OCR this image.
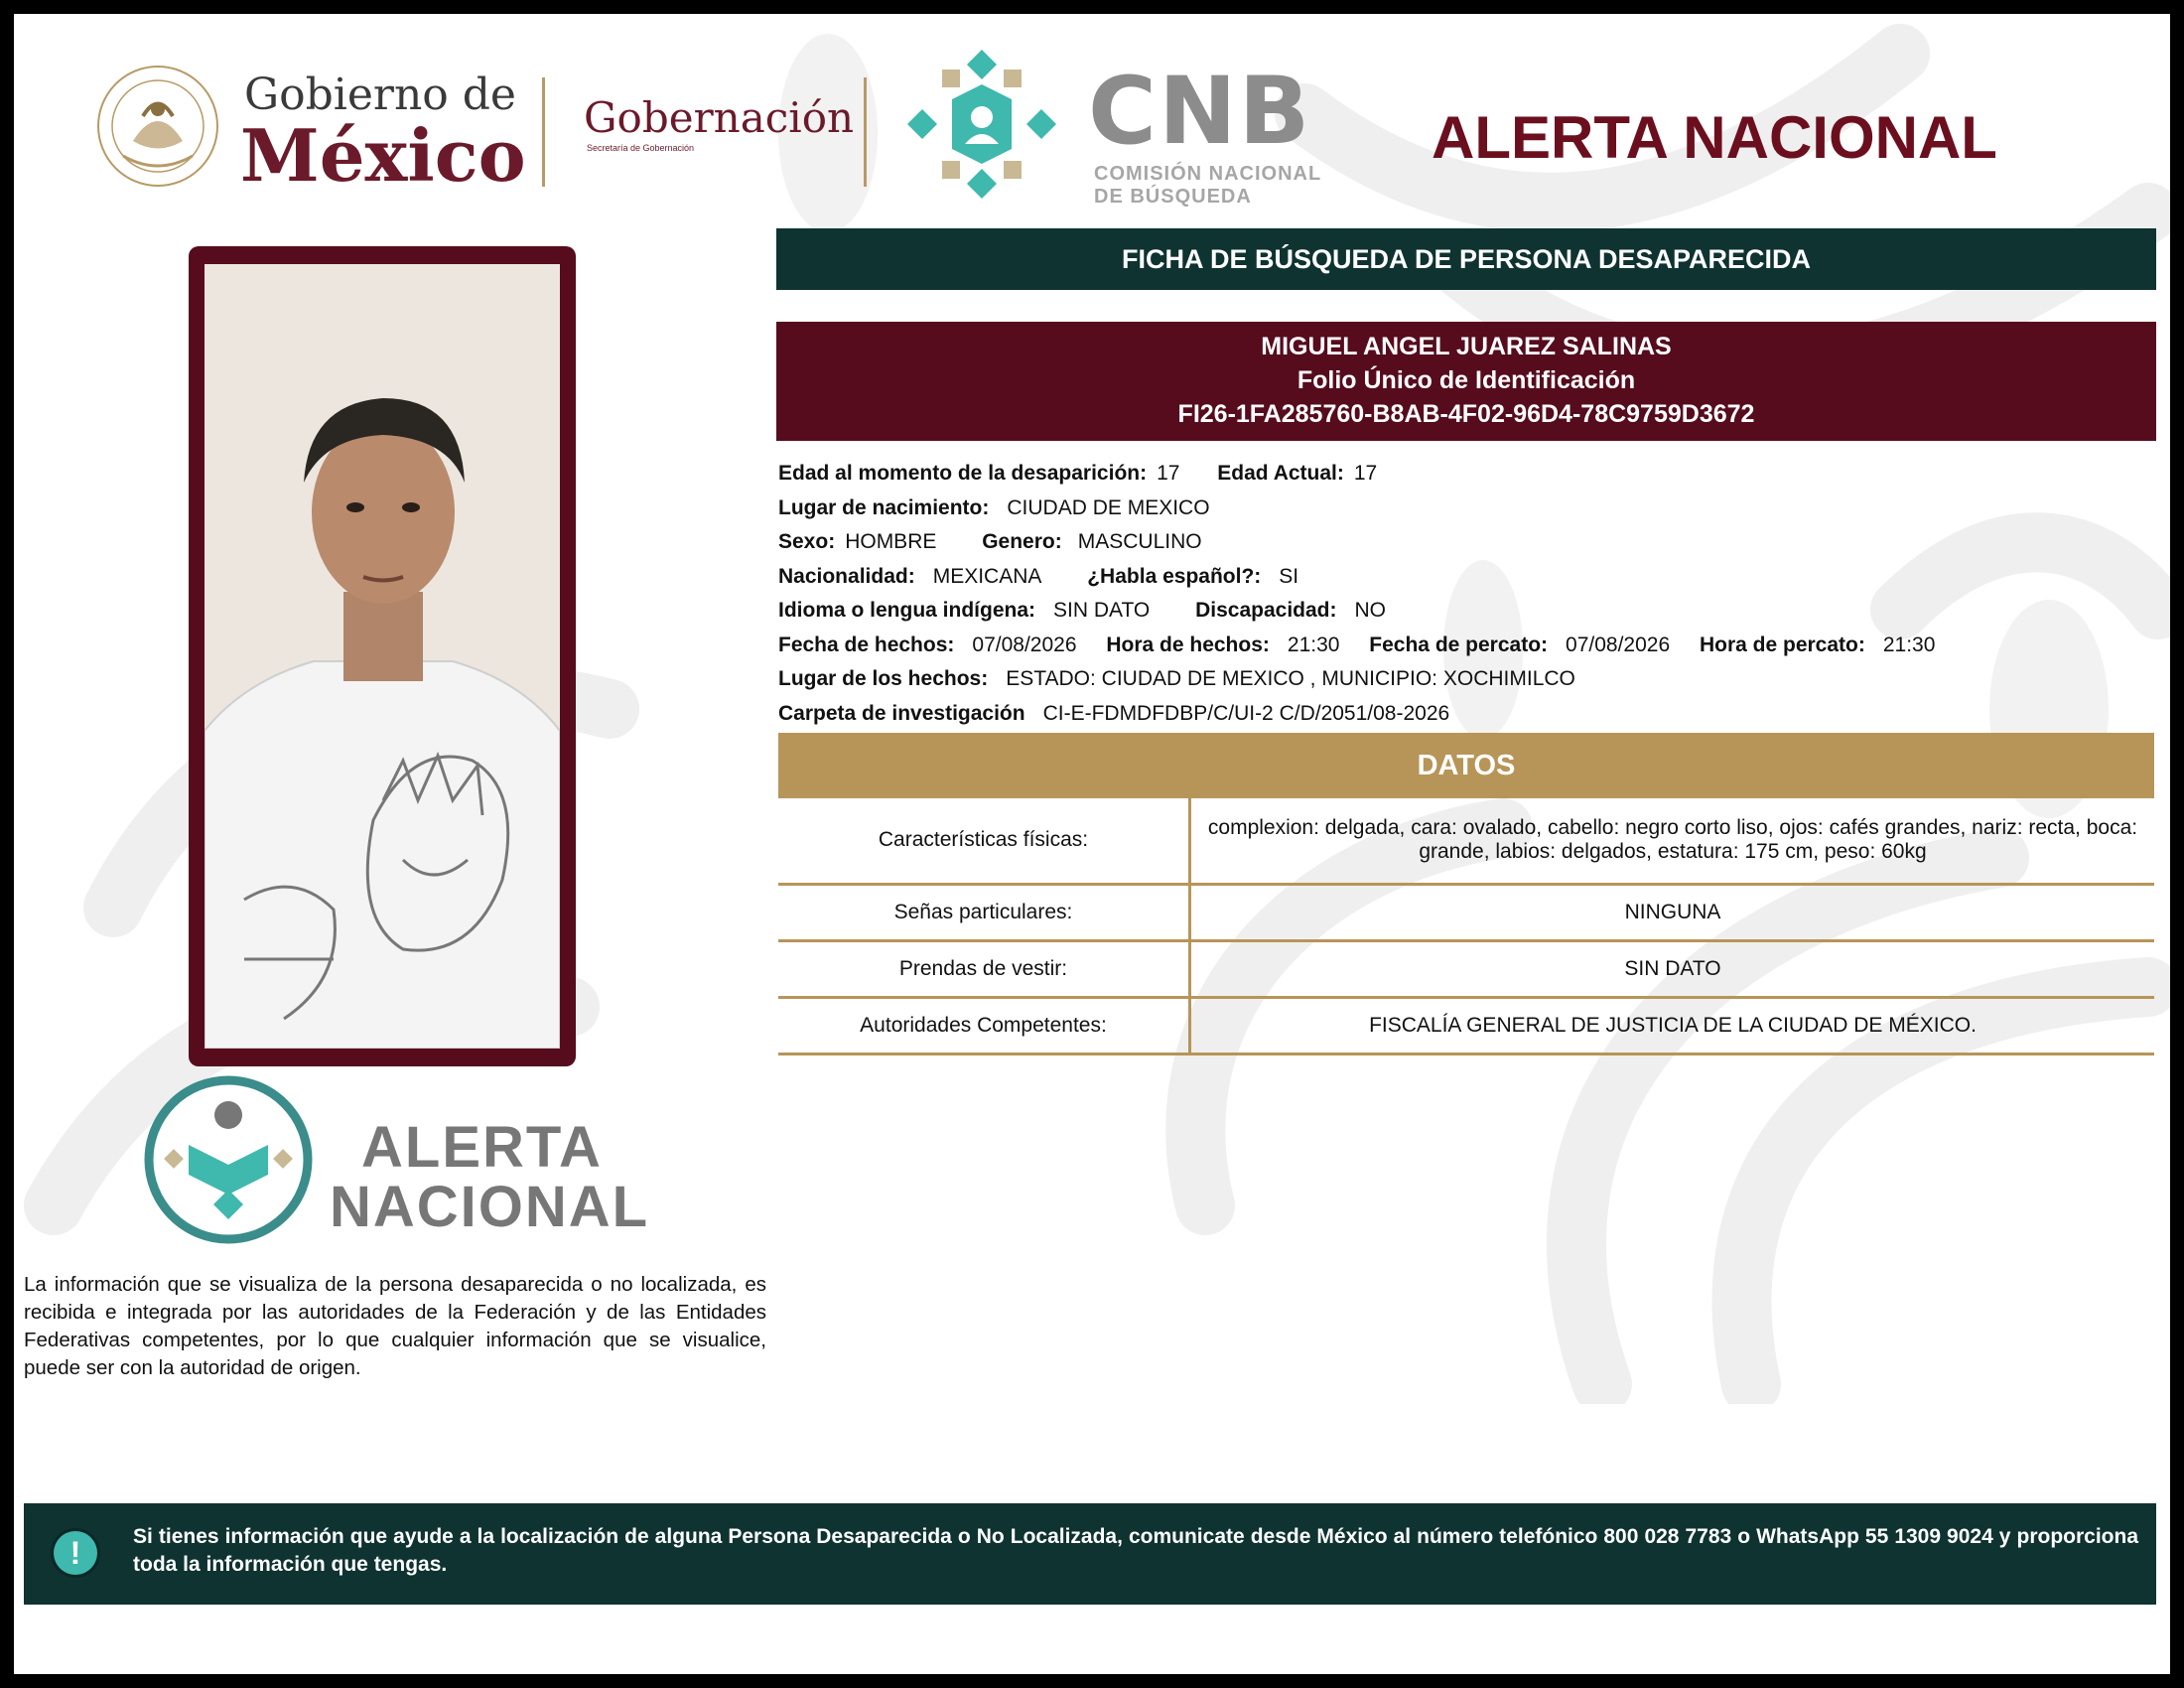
Gobierno de
México Gobernación
Secretaría de Gobernación	CNB
COMISIÓN NACIONAL
DE BÚSQUEDA
ALERTA NACIONAL
FICHA DE BÚSQUEDA DE PERSONA DESAPARECIDA
MIGUEL ANGEL JUAREZ SALINAS
Folio Único de Identificación
FI26-1FA285760-B8AB-4F02-96D4-78C9759D3672
Edad al momento de la desaparición: 17 Edad Actual: 17
Lugar de nacimiento: CIUDAD DE MEXICO
Sexo: HOMBRE Genero: MASCULINO
Nacionalidad: MEXICANA ¿Habla español?: SI
Idioma o lengua indígena: SIN DATO Discapacidad: NO
Fecha de hechos: 07/08/2026 Hora de hechos: 21:30 Fecha de percato: 07/08/2026 Hora de percato: 21:30
Lugar de los hechos: ESTADO: CIUDAD DE MEXICO , MUNICIPIO: XOCHIMILCO
Carpeta de investigación CI-E-FDMDFDBP/C/UI-2 C/D/2051/08-2026
DATOS
Características físicas:	complexion: delgada, cara: ovalado, cabello: negro corto liso, ojos: cafés grandes, nariz: recta, boca: grande, labios: delgados, estatura: 175 cm, peso: 60kg
Señas particulares:	NINGUNA
Prendas de vestir:	SIN DATO
Autoridades Competentes:	FISCALÍA GENERAL DE JUSTICIA DE LA CIUDAD DE MÉXICO.
ALERTA
NACIONAL
La información que se visualiza de la persona desaparecida o no localizada, es recibida e integrada por las autoridades de la Federación y de las Entidades Federativas competentes, por lo que cualquier información que se visualice, puede ser con la autoridad de origen.
!	Si tienes información que ayude a la localización de alguna Persona Desaparecida o No Localizada, comunicate desde México al número telefónico 800 028 7783 o WhatsApp 55 1309 9024 y proporciona toda la información que tengas.
